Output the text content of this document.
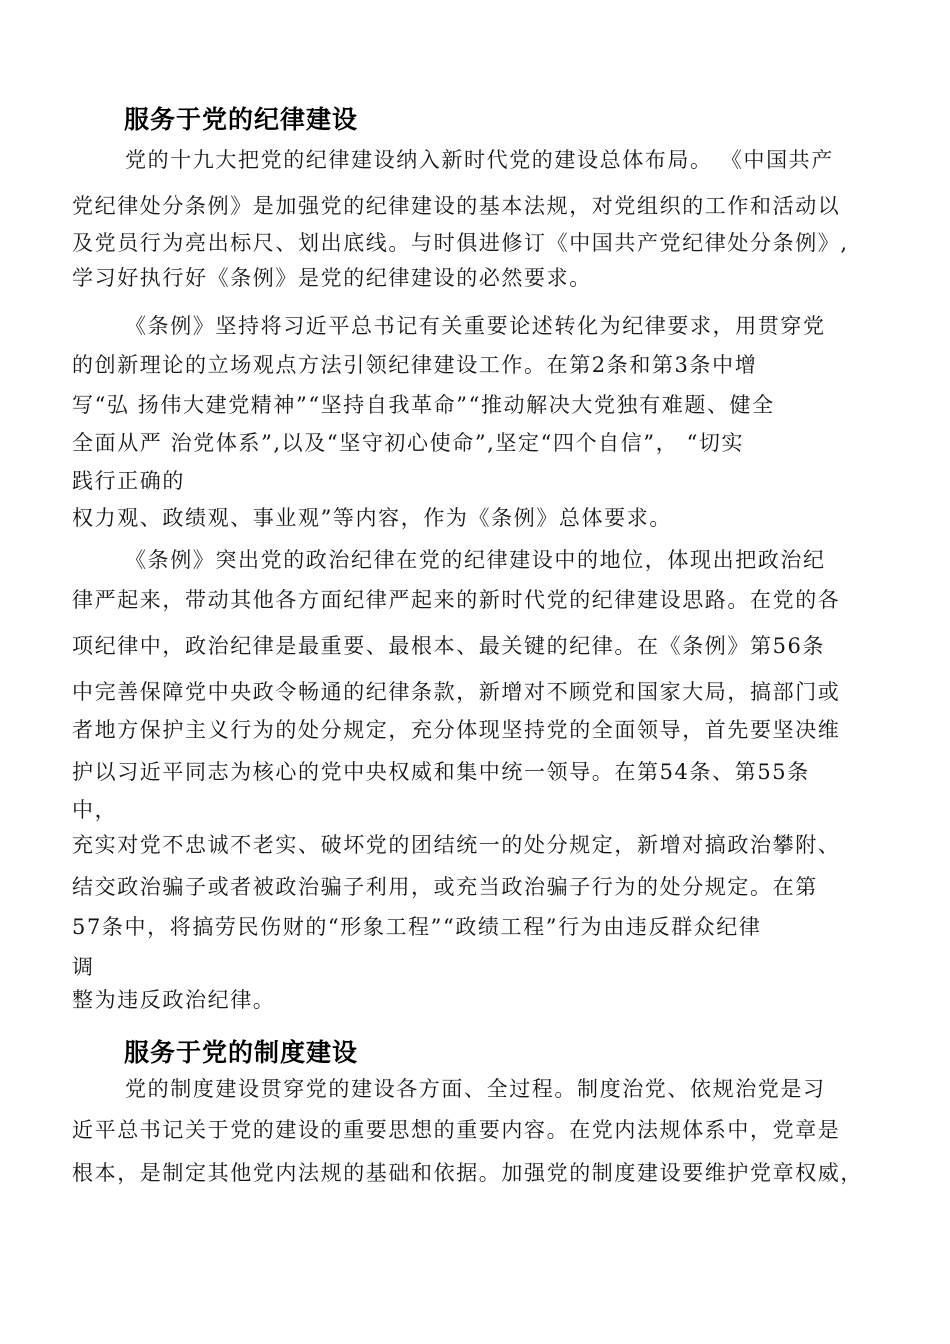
服务于党的纪律建设
党的十九大把党的纪律建设纳入新时代党的建设总体布局。 《中国共产
党纪律处分条例》是加强党的纪律建设的基本法规，对党组织的工作和活动以
及党员行为亮出标尺、划出底线。与时俱进修订《中国共产党纪律处分条例》,
学习好执行好《条例》是党的纪律建设的必然要求。
《条例》坚持将习近平总书记有关重要论述转化为纪律要求，用贯穿党
的创新理论的立场观点方法引领纪律建设工作。在第2条和第3条中增
写“弘 扬伟大建党精神”“坚持自我革命”“推动解决大党独有难题、健全
全面从严 治党体系”,以及“坚守初心使命”,坚定“四个自信”， “切实
践行正确的
权力观、政绩观、事业观”等内容，作为《条例》总体要求。
《条例》突出党的政治纪律在党的纪律建设中的地位，体现出把政治纪
律严起来，带动其他各方面纪律严起来的新时代党的纪律建设思路。在党的各
项纪律中，政治纪律是最重要、最根本、最关键的纪律。在《条例》第56条
中完善保障党中央政令畅通的纪律条款，新增对不顾党和国家大局，搞部门或
者地方保护主义行为的处分规定，充分体现坚持党的全面领导，首先要坚决维
护以习近平同志为核心的党中央权威和集中统一领导。在第54条、第55条
中，
充实对党不忠诚不老实、破坏党的团结统一的处分规定，新增对搞政治攀附、
结交政治骗子或者被政治骗子利用，或充当政治骗子行为的处分规定。在第
57条中，将搞劳民伤财的“形象工程”“政绩工程”行为由违反群众纪律
调
整为违反政治纪律。
服务于党的制度建设
党的制度建设贯穿党的建设各方面、全过程。制度治党、依规治党是习
近平总书记关于党的建设的重要思想的重要内容。在党内法规体系中，党章是
根本，是制定其他党内法规的基础和依据。加强党的制度建设要维护党章权威，
